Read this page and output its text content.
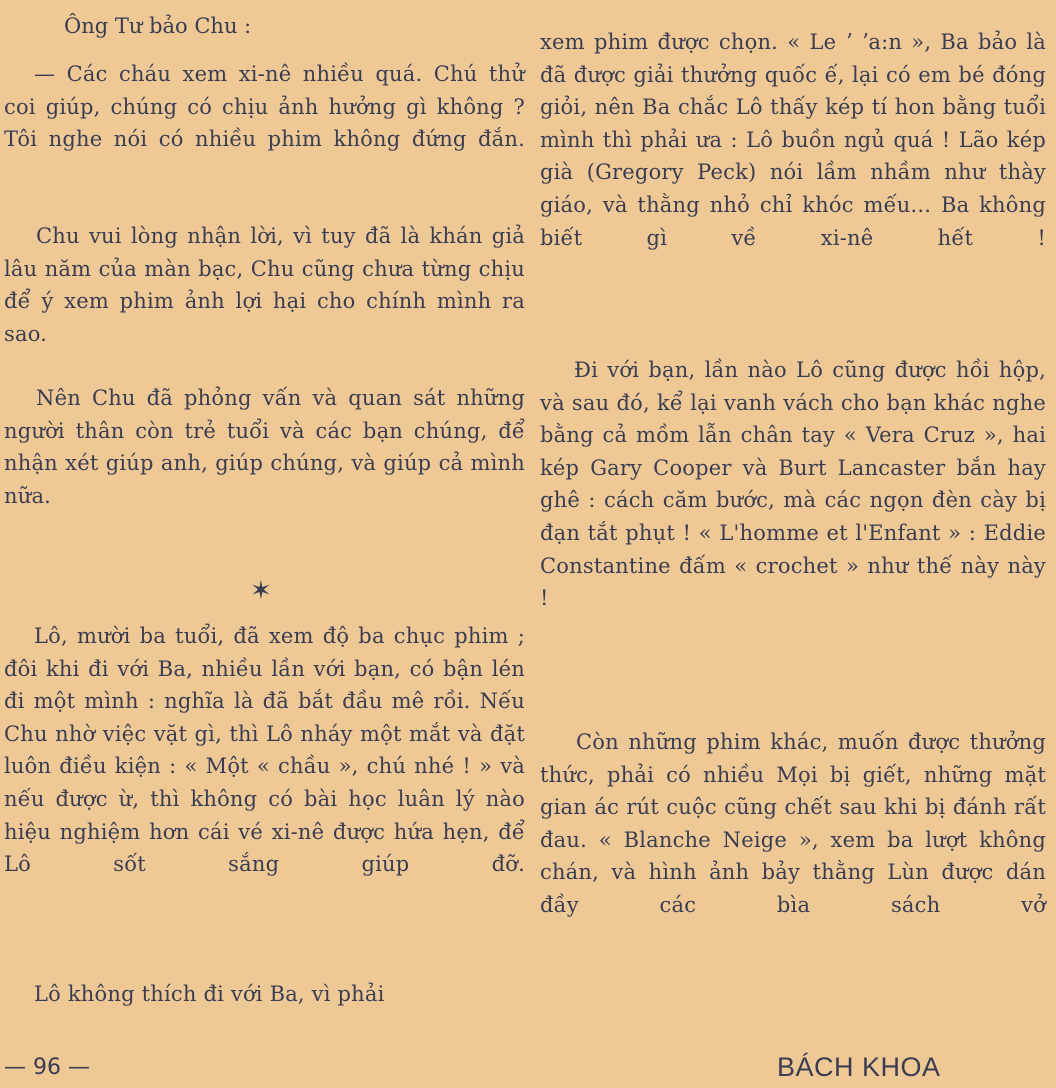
Ông Tư bảo Chu :

— Các cháu xem xi-nê nhiều quá. Chú thử coi giúp, chúng có chịu ảnh hưởng gì không ? Tôi nghe nói có nhiều phim không đứng đắn.

Chu vui lòng nhận lời, vì tuy đã là khán giả lâu năm của màn bạc, Chu cũng chưa từng chịu để ý xem phim ảnh lợi hại cho chính mình ra sao.

Nên Chu đã phỏng vấn và quan sát những người thân còn trẻ tuổi và các bạn chúng, để nhận xét giúp anh, giúp chúng, và giúp cả mình nữa.

✶

Lô, mười ba tuổi, đã xem độ ba chục phim ; đôi khi đi với Ba, nhiều lần với bạn, có bận lén đi một mình : nghĩa là đã bắt đầu mê rồi. Nếu Chu nhờ việc vặt gì, thì Lô nháy một mắt và đặt luôn điều kiện : « Một « chầu », chú nhé ! » và nếu được ừ, thì không có bài học luân lý nào hiệu nghiệm hơn cái vé xi-nê được hứa hẹn, để Lô sốt sắng giúp đỡ.

Lô không thích đi với Ba, vì phải

xem phim được chọn. « Le ʼ ʼa:n », Ba bảo là đã được giải thưởng quốc ế, lại có em bé đóng giỏi, nên Ba chắc Lô thấy kép tí hon bằng tuổi mình thì phải ưa : Lô buồn ngủ quá ! Lão kép già (Gregory Peck) nói lầm nhầm như thày giáo, và thằng nhỏ chỉ khóc mếu... Ba không biết gì về xi-nê hết !

Đi với bạn, lần nào Lô cũng được hồi hộp, và sau đó, kể lại vanh vách cho bạn khác nghe bằng cả mồm lẫn chân tay « Vera Cruz », hai kép Gary Cooper và Burt Lancaster bắn hay ghê : cách căm bước, mà các ngọn đèn cày bị đạn tắt phụt ! « L'homme et l'Enfant » : Eddie Constantine đấm « crochet » như thế này này !

Còn những phim khác, muốn được thưởng thức, phải có nhiều Mọi bị giết, những mặt gian ác rút cuộc cũng chết sau khi bị đánh rất đau. « Blanche Neige », xem ba lượt không chán, và hình ảnh bảy thằng Lùn được dán đầy các bìa sách vở

— 96 —	BÁCH KHOA
